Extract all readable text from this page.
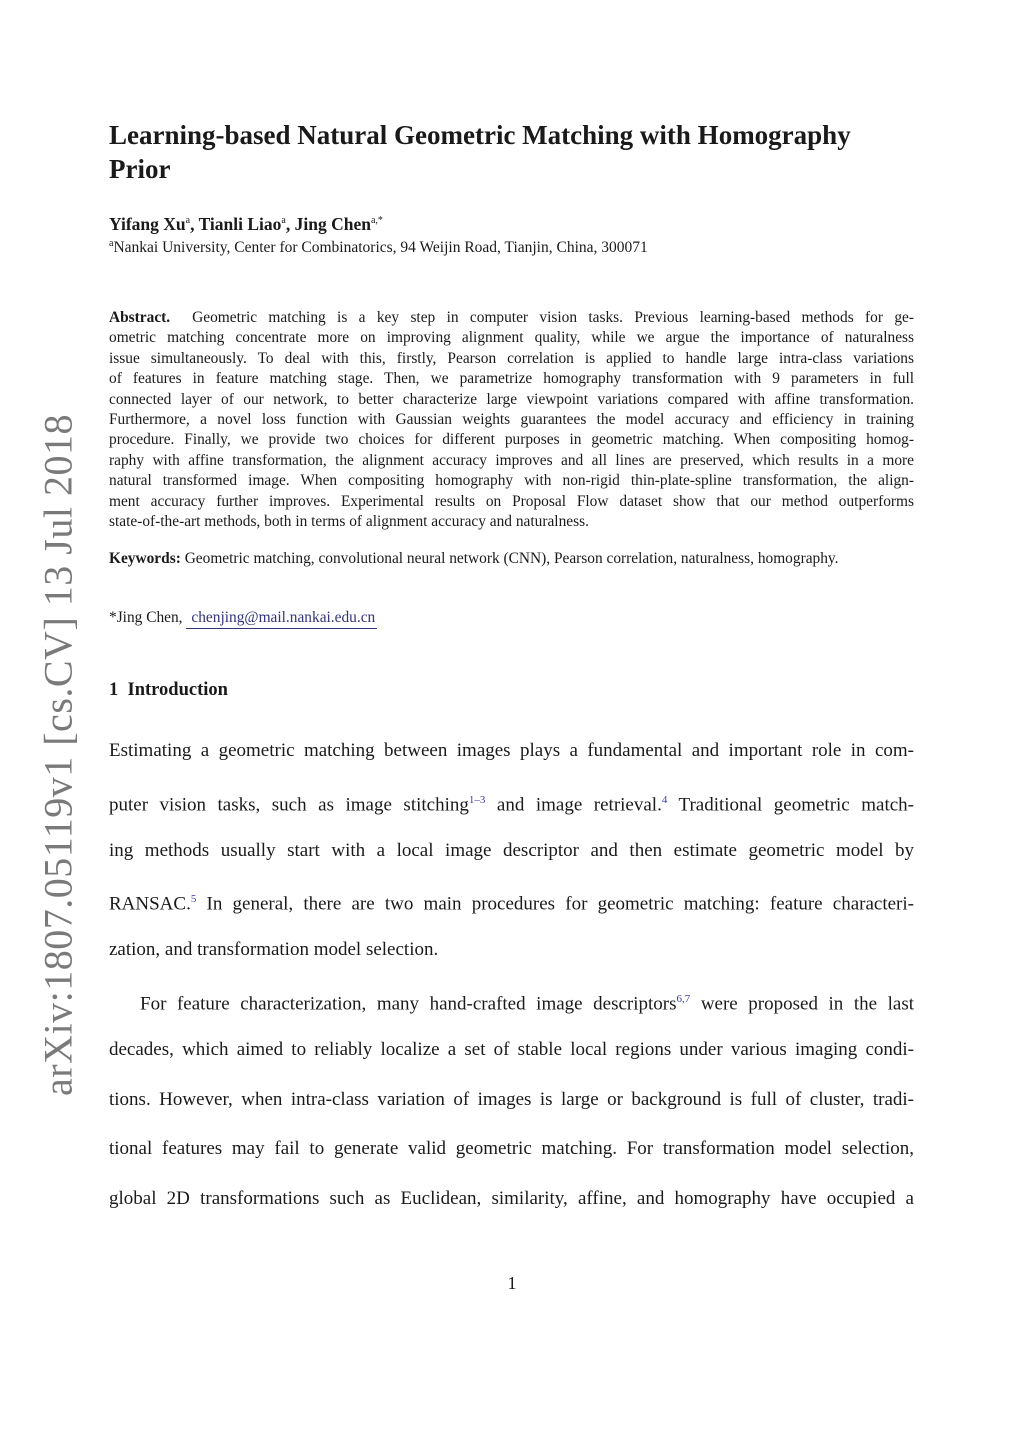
arXiv:1807.05119v1 [cs.CV] 13 Jul 2018
Learning-based Natural Geometric Matching with Homography Prior
Yifang Xu$^a$, Tianli Liao$^a$, Jing Chen$^{a,*}$
$^a$Nankai University, Center for Combinatorics, 94 Weijin Road, Tianjin, China, 300071
Abstract. Geometric matching is a key step in computer vision tasks. Previous learning-based methods for ge-
ometric matching concentrate more on improving alignment quality, while we argue the importance of naturalness
issue simultaneously. To deal with this, firstly, Pearson correlation is applied to handle large intra-class variations
of features in feature matching stage. Then, we parametrize homography transformation with 9 parameters in full
connected layer of our network, to better characterize large viewpoint variations compared with affine transformation.
Furthermore, a novel loss function with Gaussian weights guarantees the model accuracy and efficiency in training
procedure. Finally, we provide two choices for different purposes in geometric matching. When compositing homog-
raphy with affine transformation, the alignment accuracy improves and all lines are preserved, which results in a more
natural transformed image. When compositing homography with non-rigid thin-plate-spline transformation, the align-
ment accuracy further improves. Experimental results on Proposal Flow dataset show that our method outperforms
state-of-the-art methods, both in terms of alignment accuracy and naturalness.
Keywords: Geometric matching, convolutional neural network (CNN), Pearson correlation, naturalness, homography.
*Jing Chen, chenjing@mail.nankai.edu.cn
1 Introduction
Estimating a geometric matching between images plays a fundamental and important role in com-
puter vision tasks, such as image stitching$^{1-3}$ and image retrieval.$^4$ Traditional geometric match-
ing methods usually start with a local image descriptor and then estimate geometric model by
RANSAC.$^5$ In general, there are two main procedures for geometric matching: feature characteri-
zation, and transformation model selection.
For feature characterization, many hand-crafted image descriptors$^{6,7}$ were proposed in the last
decades, which aimed to reliably localize a set of stable local regions under various imaging condi-
tions. However, when intra-class variation of images is large or background is full of cluster, tradi-
tional features may fail to generate valid geometric matching. For transformation model selection,
global 2D transformations such as Euclidean, similarity, affine, and homography have occupied a
1
